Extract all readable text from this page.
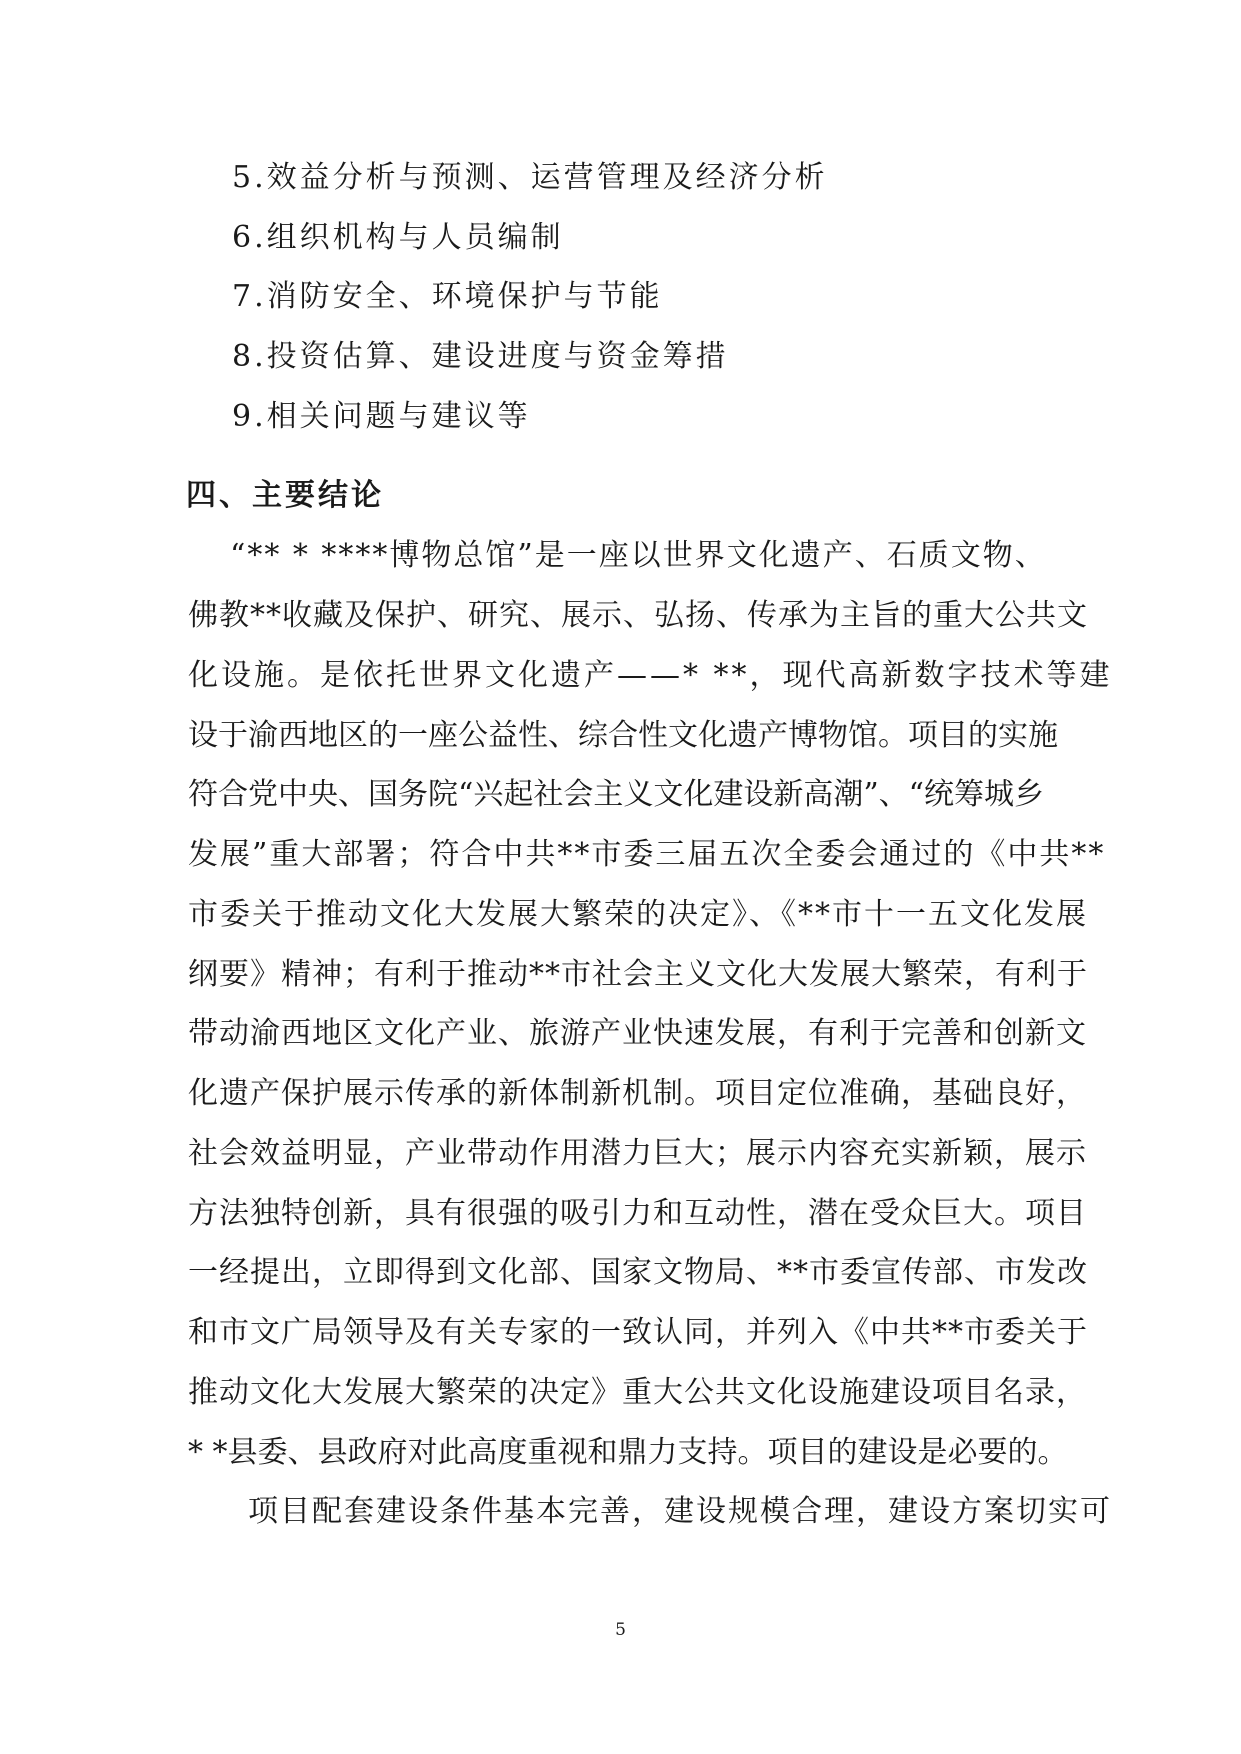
5.效益分析与预测、运营管理及经济分析
6.组织机构与人员编制
7.消防安全、环境保护与节能
8.投资估算、建设进度与资金筹措
9.相关问题与建议等
四、主要结论
“** * ****博物总馆”是一座以世界文化遗产、石质文物、
佛教**收藏及保护、研究、展示、弘扬、传承为主旨的重大公共文
化设施。是依托世界文化遗产——* **，现代高新数字技术等建
设于渝西地区的一座公益性、综合性文化遗产博物馆。项目的实施
符合党中央、国务院“兴起社会主义文化建设新高潮”、“统筹城乡
发展”重大部署；符合中共**市委三届五次全委会通过的《中共**
市委关于推动文化大发展大繁荣的决定》、《**市十一五文化发展
纲要》精神；有利于推动**市社会主义文化大发展大繁荣，有利于
带动渝西地区文化产业、旅游产业快速发展，有利于完善和创新文
化遗产保护展示传承的新体制新机制。项目定位准确，基础良好，
社会效益明显，产业带动作用潜力巨大；展示内容充实新颖，展示
方法独特创新，具有很强的吸引力和互动性，潜在受众巨大。项目
一经提出，立即得到文化部、国家文物局、**市委宣传部、市发改
和市文广局领导及有关专家的一致认同，并列入《中共**市委关于
推动文化大发展大繁荣的决定》重大公共文化设施建设项目名录，
* *县委、县政府对此高度重视和鼎力支持。项目的建设是必要的。
项目配套建设条件基本完善，建设规模合理，建设方案切实可
5
